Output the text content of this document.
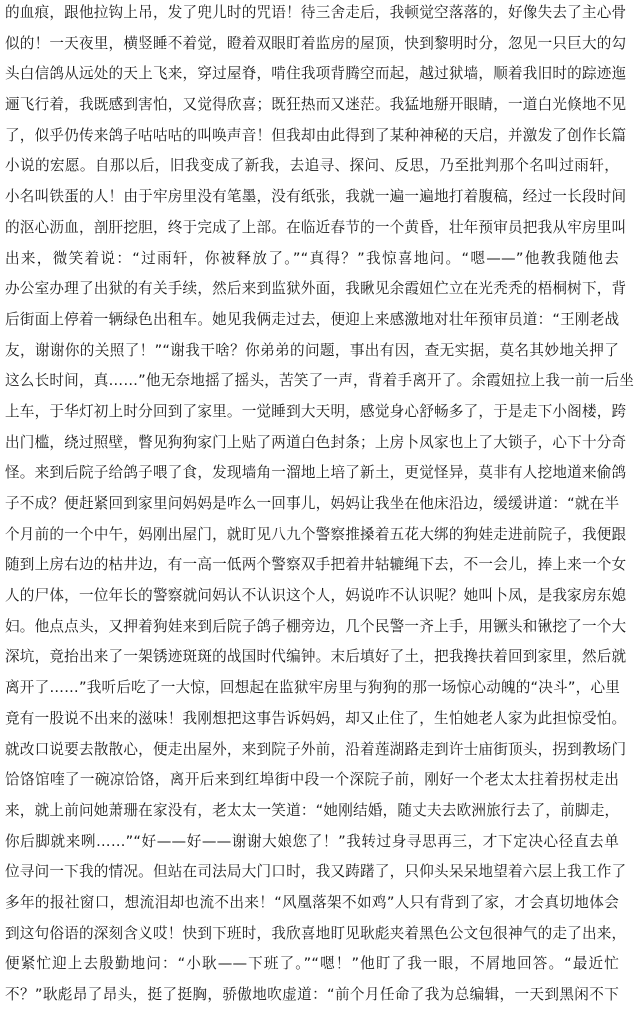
的血痕，跟他拉钩上吊，发了兜儿时的咒语！待三舍走后，我顿觉空落落的，好像失去了主心骨
似的！一天夜里，横竖睡不着觉，瞪着双眼盯着监房的屋顶，快到黎明时分，忽见一只巨大的勾
头白信鸽从远处的天上飞来，穿过屋脊，啃住我项背腾空而起，越过狱墙，顺着我旧时的踪迹迤
逦飞行着，我既感到害怕，又觉得欣喜；既狂热而又迷茫。我猛地掰开眼睛，一道白光倏地不见
了，似乎仍传来鸽子咕咕咕的叫唤声音！但我却由此得到了某种神秘的天启，并激发了创作长篇
小说的宏愿。自那以后，旧我变成了新我，去追寻、探问、反思，乃至批判那个名叫过雨轩，
小名叫铁蛋的人！由于牢房里没有笔墨，没有纸张，我就一遍一遍地打着腹稿，经过一长段时间
的沤心沥血，剖肝挖胆，终于完成了上部。在临近春节的一个黄昏，壮年预审员把我从牢房里叫
出来，微笑着说：“过雨轩，你被释放了。”“真得？”我惊喜地问。“嗯——”他教我随他去
办公室办理了出狱的有关手续，然后来到监狱外面，我瞅见余霞妞伫立在光秃秃的梧桐树下，背
后街面上停着一辆绿色出租车。她见我俩走过去，便迎上来感激地对壮年预审员道：“王刚老战
友，谢谢你的关照了！”“谢我干啥？你弟弟的问题，事出有因，查无实据，莫名其妙地关押了
这么长时间，真……”他无奈地摇了摇头，苦笑了一声，背着手离开了。余霞妞拉上我一前一后坐
上车，于华灯初上时分回到了家里。一觉睡到大天明，感觉身心舒畅多了，于是走下小阁楼，跨
出门槛，绕过照壁，瞥见狗狗家门上贴了两道白色封条；上房卜凤家也上了大锁子，心下十分奇
怪。来到后院子给鸽子喂了食，发现墙角一溜地上培了新土，更觉怪异，莫非有人挖地道来偷鸽
子不成？便赶紧回到家里问妈妈是咋么一回事儿，妈妈让我坐在他床沿边，缓缓讲道：“就在半
个月前的一个中午，妈刚出屋门，就盯见八九个警察推搡着五花大绑的狗娃走进前院子，我便跟
随到上房右边的枯井边，有一高一低两个警察双手把着井轱辘绳下去，不一会儿，捧上来一个女
人的尸体，一位年长的警察就问妈认不认识这个人，妈说咋不认识呢？她叫卜凤，是我家房东媳
妇。他点点头，又押着狗娃来到后院子鸽子棚旁边，几个民警一齐上手，用镢头和锹挖了一个大
深坑，竟抬出来了一架锈迹斑斑的战国时代编钟。末后填好了土，把我搀扶着回到家里，然后就
离开了……”我听后吃了一大惊，回想起在监狱牢房里与狗狗的那一场惊心动魄的“决斗”，心里
竟有一股说不出来的滋味！我刚想把这事告诉妈妈，却又止住了，生怕她老人家为此担惊受怕。
就改口说要去散散心，便走出屋外，来到院子外前，沿着莲湖路走到许士庙街顶头，拐到教场门
饸饹馆喹了一碗凉饸饹，离开后来到红埠街中段一个深院子前，刚好一个老太太拄着拐杖走出
来，就上前问她萧珊在家没有，老太太一笑道：“她刚结婚，随丈夫去欧洲旅行去了，前脚走，
你后脚就来咧……”“好——好——谢谢大娘您了！”我转过身寻思再三，才下定决心径直去单
位寻问一下我的情况。但站在司法局大门口时，我又踌躇了，只仰头呆呆地望着六层上我工作了
多年的报社窗口，想流泪却也流不出来！“风凰落架不如鸡”人只有背到了家，才会真切地体会
到这句俗语的深刻含义哎！快到下班时，我欣喜地盯见耿彪夹着黑色公文包很神气的走了出来，
便紧忙迎上去殷勤地问：“小耿——下班了。”“嗯！”他盯了我一眼，不屑地回答。“最近忙
不？”耿彪昂了昂头，挺了挺胸，骄傲地吹虚道：“前个月任命了我为总编辑，一天到黑闲不下
